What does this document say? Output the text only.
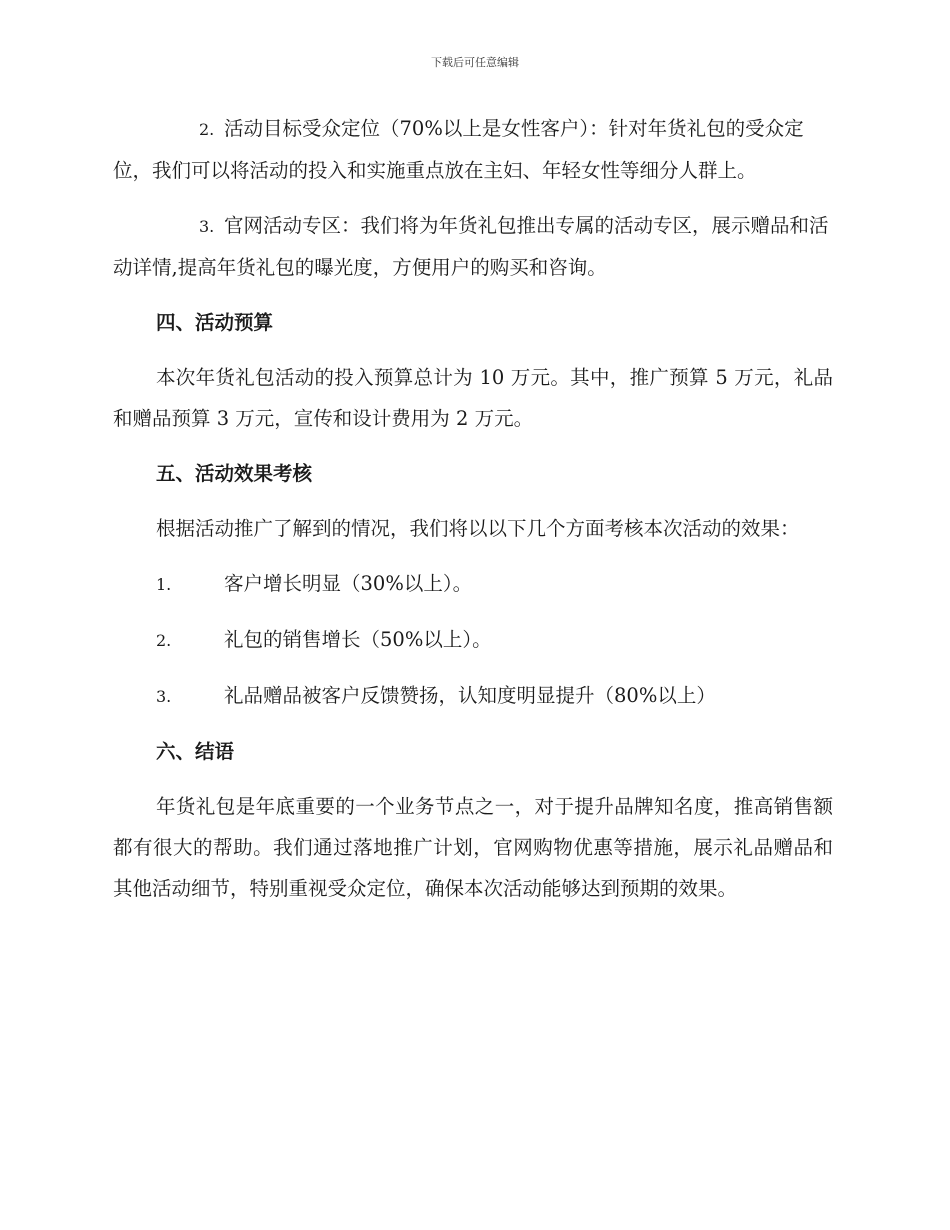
下载后可任意编辑
2. 活动目标受众定位（70%以上是女性客户）：针对年货礼包的受众定位，我们可以将活动的投入和实施重点放在主妇、年轻女性等细分人群上。
3. 官网活动专区：我们将为年货礼包推出专属的活动专区，展示赠品和活动详情,提高年货礼包的曝光度，方便用户的购买和咨询。
四、活动预算
本次年货礼包活动的投入预算总计为 10 万元。其中，推广预算 5 万元，礼品和赠品预算 3 万元，宣传和设计费用为 2 万元。
五、活动效果考核
根据活动推广了解到的情况，我们将以以下几个方面考核本次活动的效果：
1.	客户增长明显（30%以上）。
2.	礼包的销售增长（50%以上）。
3.	礼品赠品被客户反馈赞扬，认知度明显提升（80%以上）
六、结语
年货礼包是年底重要的一个业务节点之一，对于提升品牌知名度，推高销售额都有很大的帮助。我们通过落地推广计划，官网购物优惠等措施，展示礼品赠品和其他活动细节，特别重视受众定位，确保本次活动能够达到预期的效果。
